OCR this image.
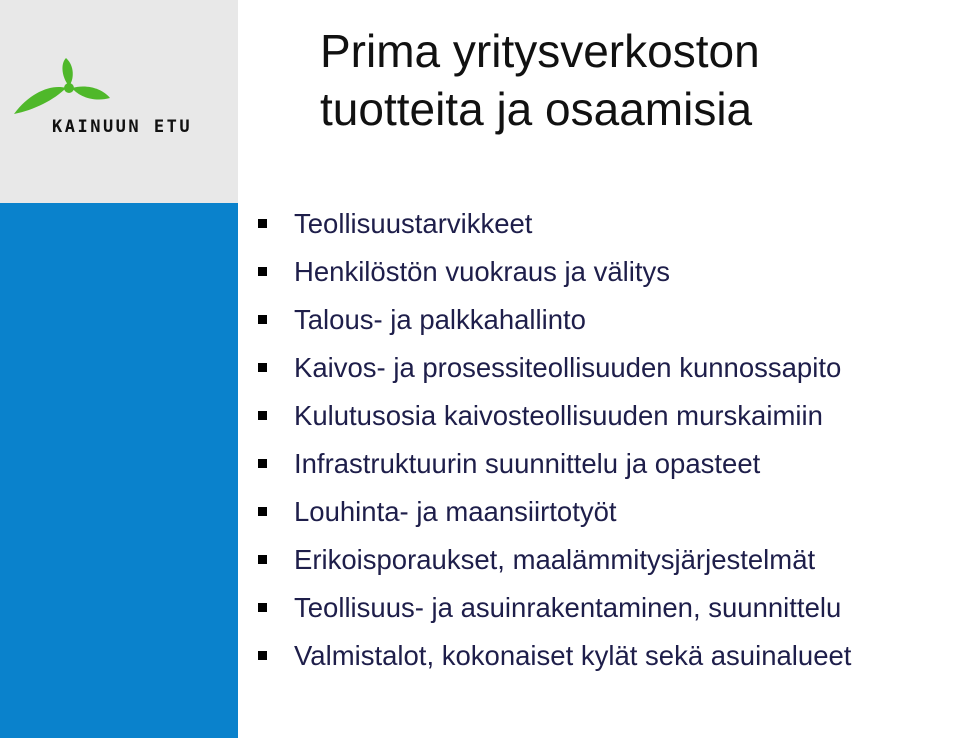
KAINUUN ETU
Prima yritysverkoston
tuotteita ja osaamisia
Teollisuustarvikkeet
Henkilöstön vuokraus ja välitys
Talous- ja palkkahallinto
Kaivos- ja prosessiteollisuuden kunnossapito
Kulutusosia kaivosteollisuuden murskaimiin
Infrastruktuurin suunnittelu ja opasteet
Louhinta- ja maansiirtotyöt
Erikoisporaukset, maalämmitysjärjestelmät
Teollisuus- ja asuinrakentaminen, suunnittelu
Valmistalot, kokonaiset kylät sekä asuinalueet
